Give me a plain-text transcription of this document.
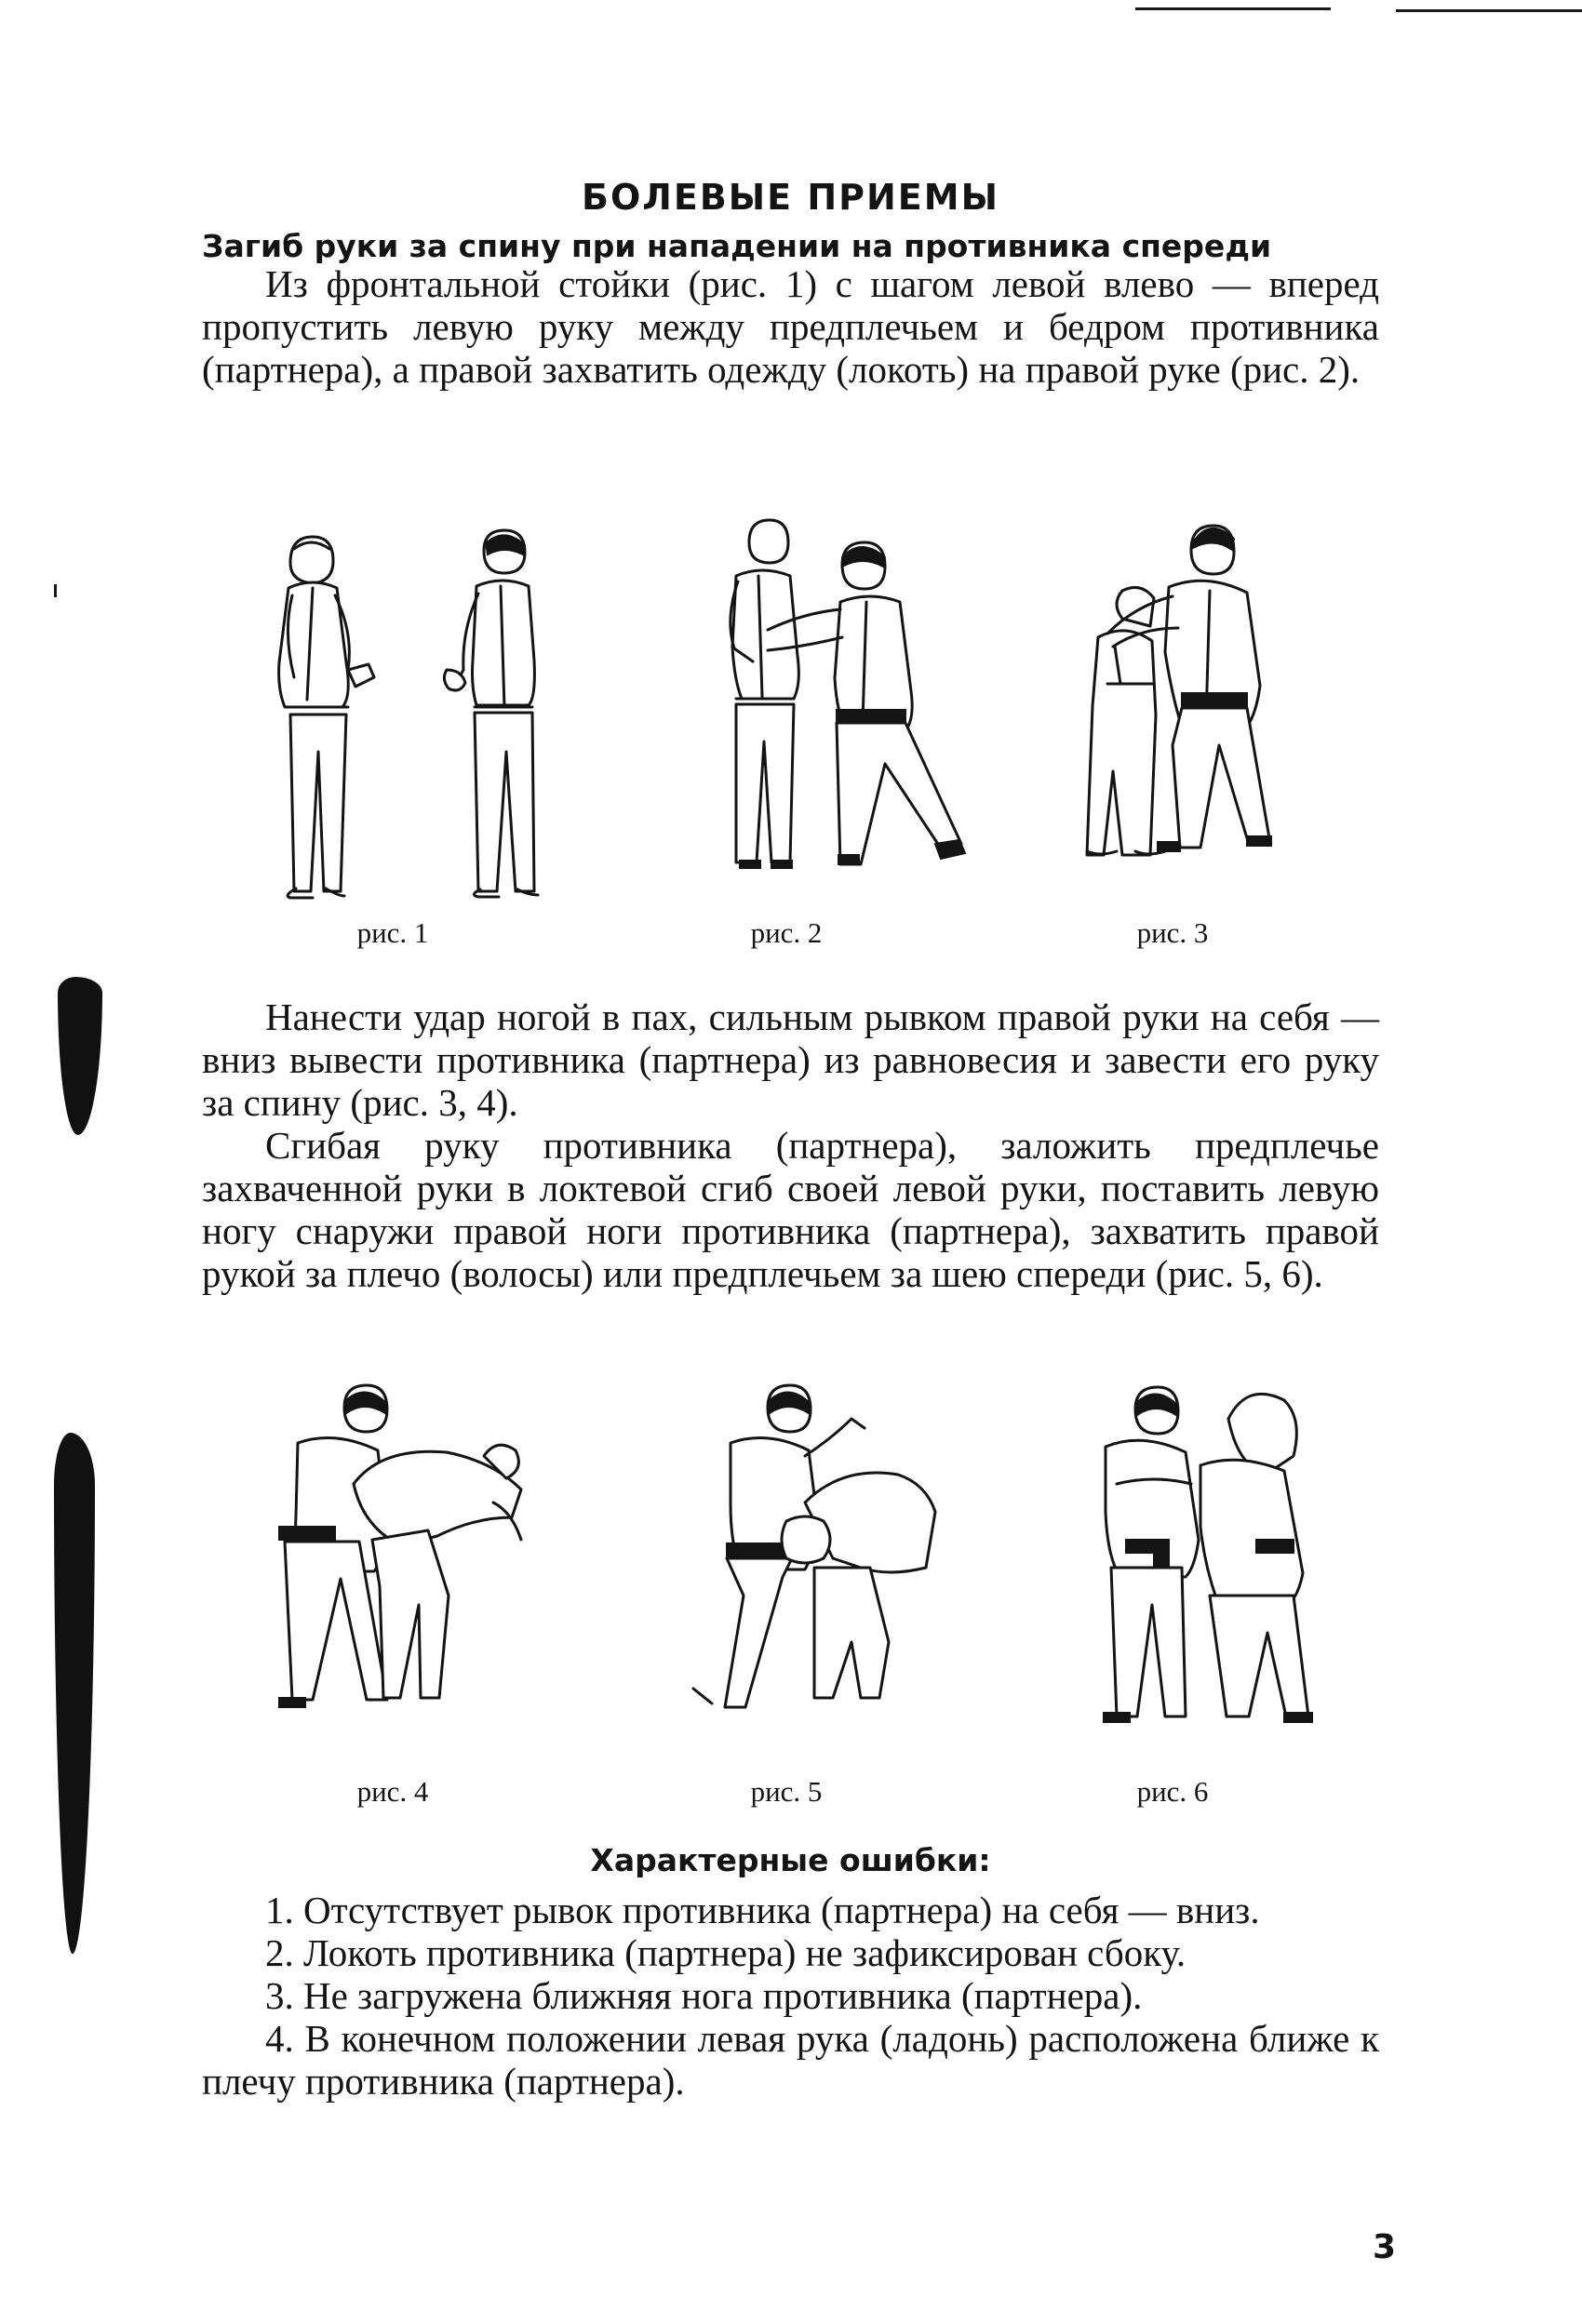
БОЛЕВЫЕ ПРИЕМЫ
Загиб руки за спину при нападении на противника спереди

Из фронтальной стойки (рис. 1) с шагом левой влево — вперед пропустить левую руку между предплечьем и бедром противника (партнера), а правой захватить одежду (локоть) на правой руке (рис. 2).

рис. 1	рис. 2	рис. 3

Нанести удар ногой в пах, сильным рывком правой руки на себя — вниз вывести противника (партнера) из равновесия и завести его руку за спину (рис. 3, 4).

Сгибая руку противника (партнера), заложить предплечье захваченной руки в локтевой сгиб своей левой руки, поставить левую ногу снаружи правой ноги противника (партнера), захватить правой рукой за плечо (волосы) или предплечьем за шею спереди (рис. 5, 6).

рис. 4	рис. 5	рис. 6
Характерные ошибки:

1. Отсутствует рывок противника (партнера) на себя — вниз.

2. Локоть противника (партнера) не зафиксирован сбоку.

3. Не загружена ближняя нога противника (партнера).

4. В конечном положении левая рука (ладонь) расположена ближе к плечу противника (партнера).

3
